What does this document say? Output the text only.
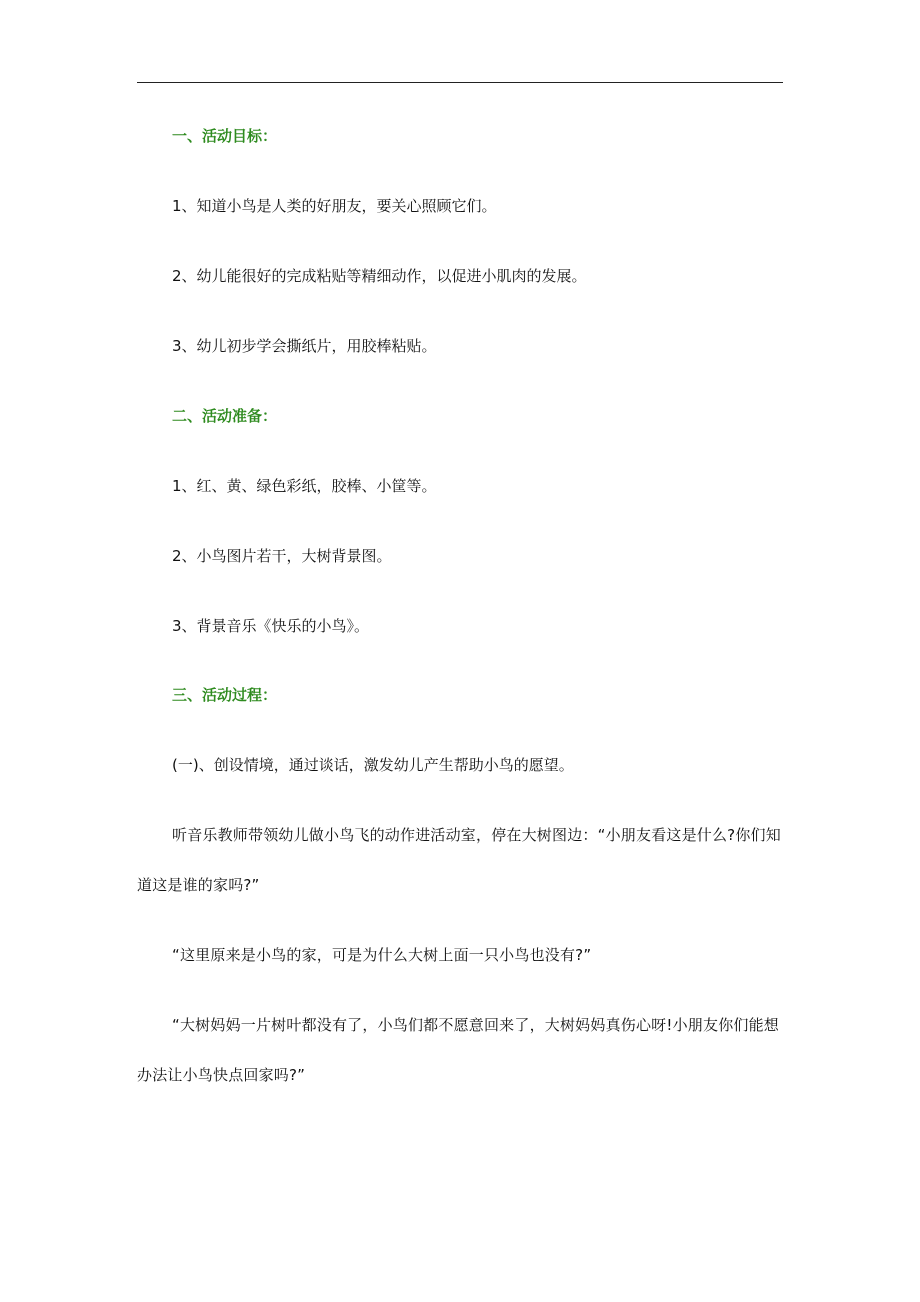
一、活动目标：
1、知道小鸟是人类的好朋友，要关心照顾它们。
2、幼儿能很好的完成粘贴等精细动作，以促进小肌肉的发展。
3、幼儿初步学会撕纸片，用胶棒粘贴。
二、活动准备：
1、红、黄、绿色彩纸，胶棒、小筐等。
2、小鸟图片若干，大树背景图。
3、背景音乐《快乐的小鸟》。
三、活动过程：
(一)、创设情境，通过谈话，激发幼儿产生帮助小鸟的愿望。
听音乐教师带领幼儿做小鸟飞的动作进活动室，停在大树图边：“小朋友看这是什么?你们知道这是谁的家吗?”
“这里原来是小鸟的家，可是为什么大树上面一只小鸟也没有?”
“大树妈妈一片树叶都没有了，小鸟们都不愿意回来了，大树妈妈真伤心呀!小朋友你们能想办法让小鸟快点回家吗?”
